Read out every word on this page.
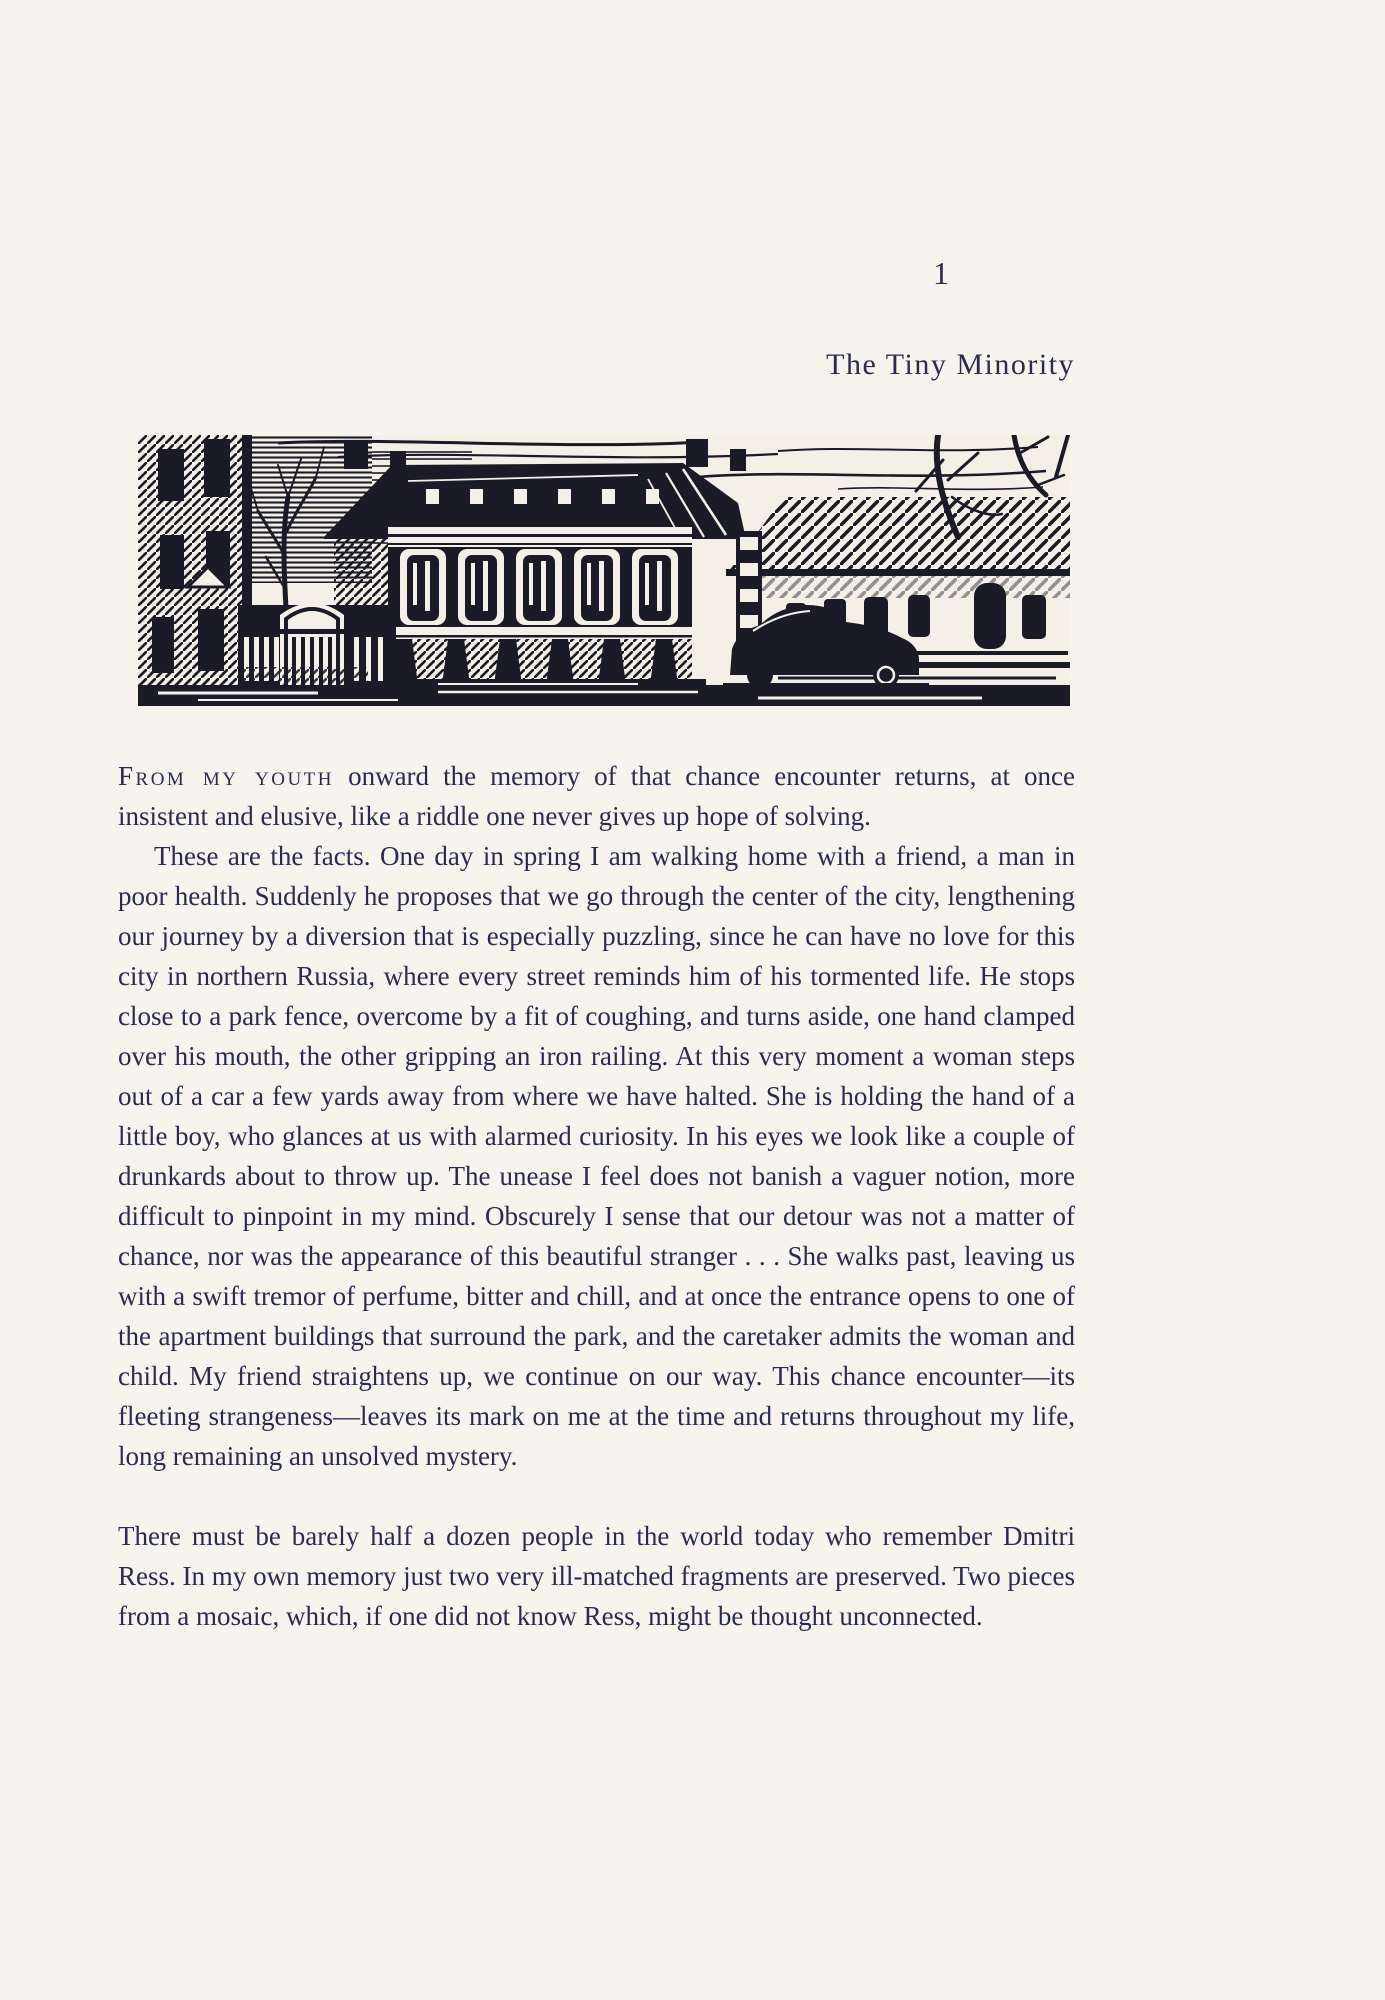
1
The Tiny Minority

From my youth onward the memory of that chance encounter returns, at once insistent and elusive, like a riddle one never gives up hope of solving.

These are the facts. One day in spring I am walking home with a friend, a man in poor health. Suddenly he proposes that we go through the center of the city, lengthening our journey by a diversion that is especially puzzling, since he can have no love for this city in northern Russia, where every street reminds him of his tormented life. He stops close to a park fence, overcome by a fit of coughing, and turns aside, one hand clamped over his mouth, the other gripping an iron railing. At this very moment a woman steps out of a car a few yards away from where we have halted. She is holding the hand of a little boy, who glances at us with alarmed curiosity. In his eyes we look like a couple of drunkards about to throw up. The unease I feel does not banish a vaguer notion, more difficult to pinpoint in my mind. Obscurely I sense that our detour was not a matter of chance, nor was the appearance of this beautiful stranger . . . She walks past, leaving us with a swift tremor of perfume, bitter and chill, and at once the entrance opens to one of the apartment buildings that surround the park, and the caretaker admits the woman and child. My friend straightens up, we continue on our way. This chance encounter—its fleeting strangeness—leaves its mark on me at the time and returns throughout my life, long remaining an unsolved mystery.

There must be barely half a dozen people in the world today who remember Dmitri Ress. In my own memory just two very ill-matched fragments are preserved. Two pieces from a mosaic, which, if one did not know Ress, might be thought unconnected.
